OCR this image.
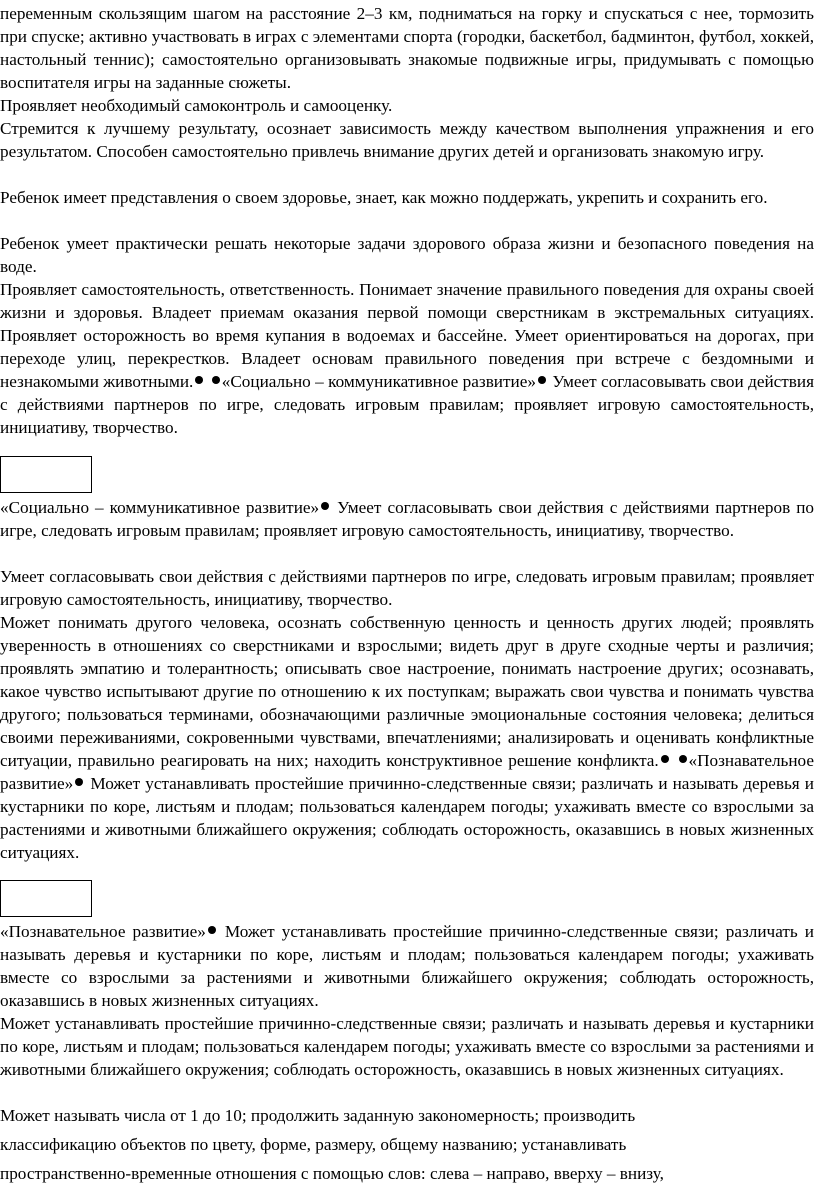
переменным скользящим шагом на расстояние 2–3 км, подниматься на горку и спускаться с нее, тормозить при спуске; активно участвовать в играх с элементами спорта (городки, баскетбол, бадминтон, футбол, хоккей, настольный теннис); самостоятельно организовывать знакомые подвижные игры, придумывать с помощью воспитателя игры на заданные сюжеты.

Проявляет необходимый самоконтроль и самооценку.

Стремится к лучшему результату, осознает зависимость между качеством выполнения упражнения и его результатом. Способен самостоятельно привлечь внимание других детей и организовать знакомую игру.

Ребенок имеет представления о своем здоровье, знает, как можно поддержать, укрепить и сохранить его.

Ребенок умеет практически решать некоторые задачи здорового образа жизни и безопасного поведения на воде.

Проявляет самостоятельность, ответственность. Понимает значение правильного поведения для охраны своей жизни и здоровья. Владеет приемам оказания первой помощи сверстникам в экстремальных ситуациях. Проявляет осторожность во время купания в водоемах и бассейне. Умеет ориентироваться на дорогах, при переходе улиц, перекрестков. Владеет основам правильного поведения при встрече с бездомными и незнакомыми животными. «Социально – коммуникативное развитие» Умеет согласовывать свои действия с действиями партнеров по игре, следовать игровым правилам; проявляет игровую самостоятельность, инициативу, творчество.

«Социально – коммуникативное развитие» Умеет согласовывать свои действия с действиями партнеров по игре, следовать игровым правилам; проявляет игровую самостоятельность, инициативу, творчество.

Умеет согласовывать свои действия с действиями партнеров по игре, следовать игровым правилам; проявляет игровую самостоятельность, инициативу, творчество.

Может понимать другого человека, осознать собственную ценность и ценность других людей; проявлять уверенность в отношениях со сверстниками и взрослыми; видеть друг в друге сходные черты и различия; проявлять эмпатию и толерантность; описывать свое настроение, понимать настроение других; осознавать, какое чувство испытывают другие по отношению к их поступкам; выражать свои чувства и понимать чувства другого; пользоваться терминами, обозначающими различные эмоциональные состояния человека; делиться своими переживаниями, сокровенными чувствами, впечатлениями; анализировать и оценивать конфликтные ситуации, правильно реагировать на них; находить конструктивное решение конфликта. «Познавательное развитие» Может устанавливать простейшие причинно-следственные связи; различать и называть деревья и кустарники по коре, листьям и плодам; пользоваться календарем погоды; ухаживать вместе со взрослыми за растениями и животными ближайшего окружения; соблюдать осторожность, оказавшись в новых жизненных ситуациях.

«Познавательное развитие» Может устанавливать простейшие причинно-следственные связи; различать и называть деревья и кустарники по коре, листьям и плодам; пользоваться календарем погоды; ухаживать вместе со взрослыми за растениями и животными ближайшего окружения; соблюдать осторожность, оказавшись в новых жизненных ситуациях.

Может устанавливать простейшие причинно-следственные связи; различать и называть деревья и кустарники по коре, листьям и плодам; пользоваться календарем погоды; ухаживать вместе со взрослыми за растениями и животными ближайшего окружения; соблюдать осторожность, оказавшись в новых жизненных ситуациях.

Может называть числа от 1 до 10; продолжить заданную закономерность; производить
классификацию объектов по цвету, форме, размеру, общему названию; устанавливать
пространственно-временные отношения с помощью слов: слева – направо, вверху – внизу,
